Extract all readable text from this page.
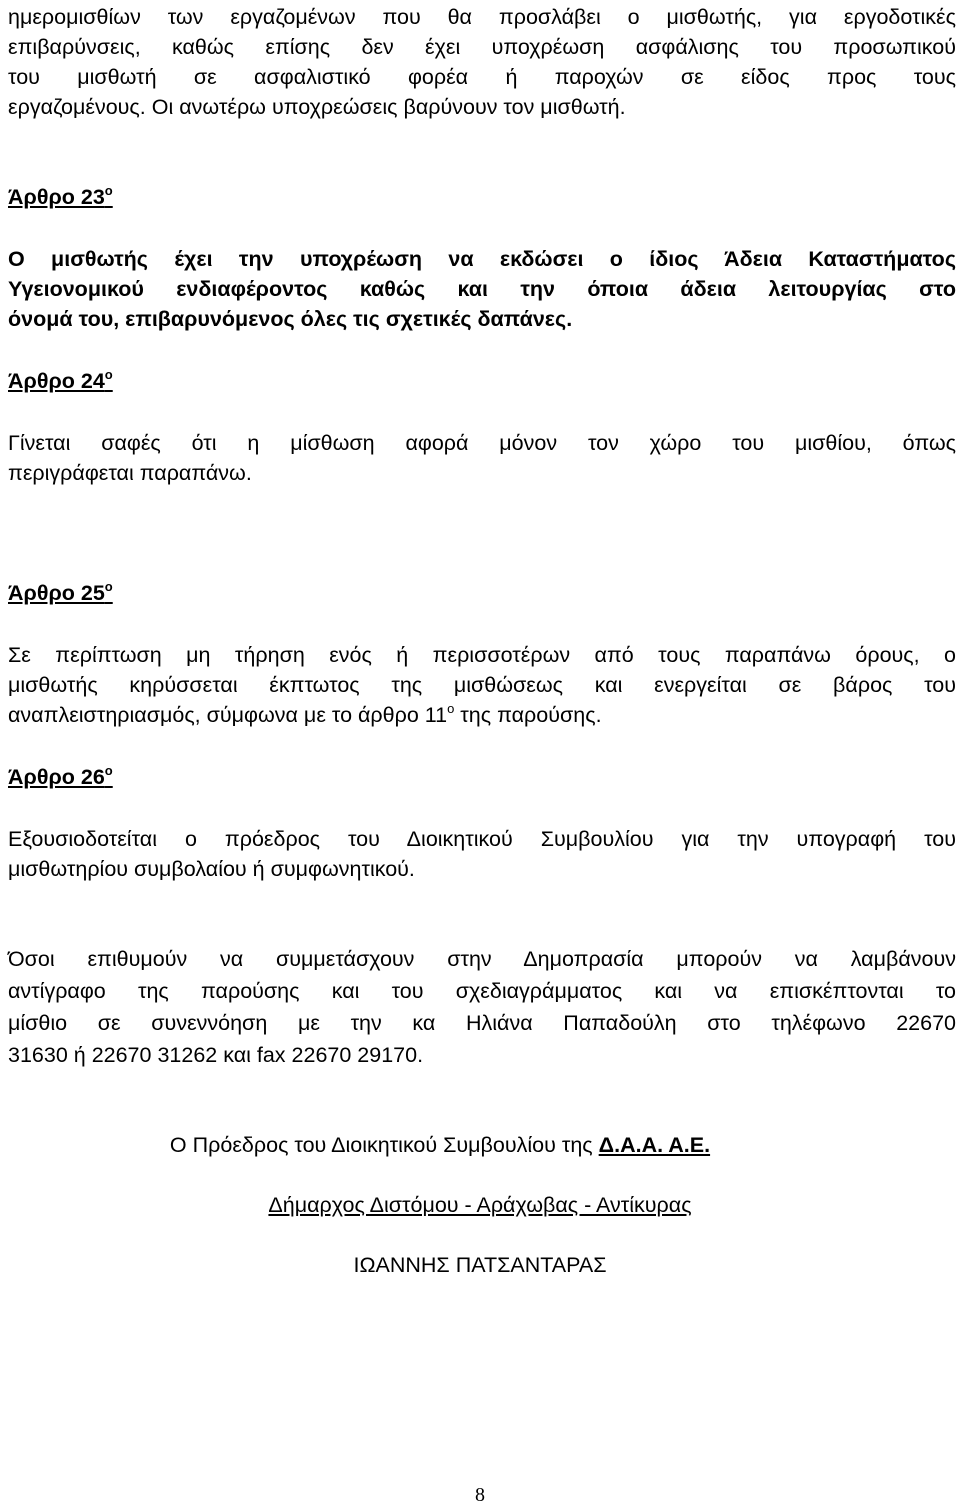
ημερομισθίων των εργαζομένων που θα προσλάβει ο μισθωτής, για εργοδοτικές
επιβαρύνσεις, καθώς επίσης δεν έχει υποχρέωση ασφάλισης του προσωπικού
του μισθωτή σε ασφαλιστικό φορέα ή παροχών σε είδος προς τους
εργαζομένους. Οι ανωτέρω υποχρεώσεις βαρύνουν τον μισθωτή.
Άρθρο $23^o$
Ο μισθωτής έχει την υποχρέωση να εκδώσει ο ίδιος Άδεια Καταστήματος
Υγειονομικού ενδιαφέροντος καθώς και την όποια άδεια λειτουργίας στο
όνομά του, επιβαρυνόμενος όλες τις σχετικές δαπάνες.
Άρθρο $24^o$
Γίνεται σαφές ότι η μίσθωση αφορά μόνον τον χώρο του μισθίου, όπως
περιγράφεται παραπάνω.
Άρθρο $25^o$
Σε περίπτωση μη τήρηση ενός ή περισσοτέρων από τους παραπάνω όρους, ο
μισθωτής κηρύσσεται έκπτωτος της μισθώσεως και ενεργείται σε βάρος του
αναπλειστηριασμός, σύμφωνα με το άρθρο $11^o$ της παρούσης.
Άρθρο $26^o$
Εξουσιοδοτείται ο πρόεδρος του Διοικητικού Συμβουλίου για την υπογραφή του
μισθωτηρίου συμβολαίου ή συμφωνητικού.
Όσοι επιθυμούν να συμμετάσχουν στην Δημοπρασία μπορούν να λαμβάνουν
αντίγραφο της παρούσης και του σχεδιαγράμματος και να επισκέπτονται το
μίσθιο σε συνεννόηση με την κα Ηλιάνα Παπαδούλη στο τηλέφωνο 22670
31630 ή 22670 31262 και fax 22670 29170.
Ο Πρόεδρος του Διοικητικού Συμβουλίου της Δ.Α.Α. Α.Ε.
Δήμαρχος Διστόμου - Αράχωβας - Αντίκυρας
ΙΩΑΝΝΗΣ ΠΑΤΣΑΝΤΑΡΑΣ
8
